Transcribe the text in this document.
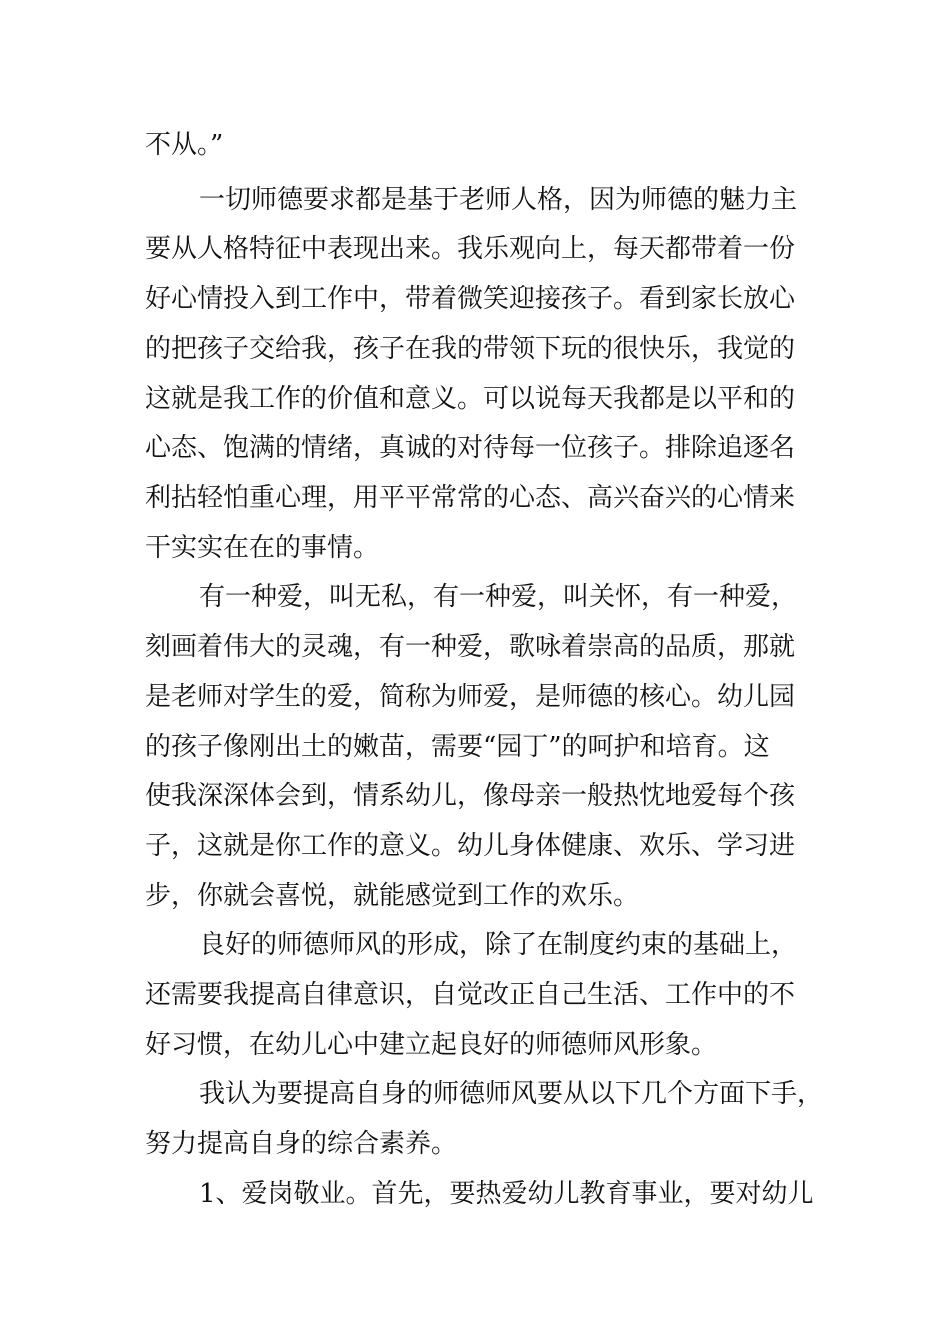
不从。”
一切师德要求都是基于老师人格，因为师德的魅力主
要从人格特征中表现出来。我乐观向上，每天都带着一份
好心情投入到工作中，带着微笑迎接孩子。看到家长放心
的把孩子交给我，孩子在我的带领下玩的很快乐，我觉的
这就是我工作的价值和意义。可以说每天我都是以平和的
心态、饱满的情绪，真诚的对待每一位孩子。排除追逐名
利拈轻怕重心理，用平平常常的心态、高兴奋兴的心情来
干实实在在的事情。
有一种爱，叫无私，有一种爱，叫关怀，有一种爱，
刻画着伟大的灵魂，有一种爱，歌咏着崇高的品质，那就
是老师对学生的爱，简称为师爱，是师德的核心。幼儿园
的孩子像刚出土的嫩苗，需要“园丁”的呵护和培育。这
使我深深体会到，情系幼儿，像母亲一般热忱地爱每个孩
子，这就是你工作的意义。幼儿身体健康、欢乐、学习进
步，你就会喜悦，就能感觉到工作的欢乐。
良好的师德师风的形成，除了在制度约束的基础上，
还需要我提高自律意识，自觉改正自己生活、工作中的不
好习惯，在幼儿心中建立起良好的师德师风形象。
我认为要提高自身的师德师风要从以下几个方面下手，
努力提高自身的综合素养。
1、爱岗敬业。首先，要热爱幼儿教育事业，要对幼儿
